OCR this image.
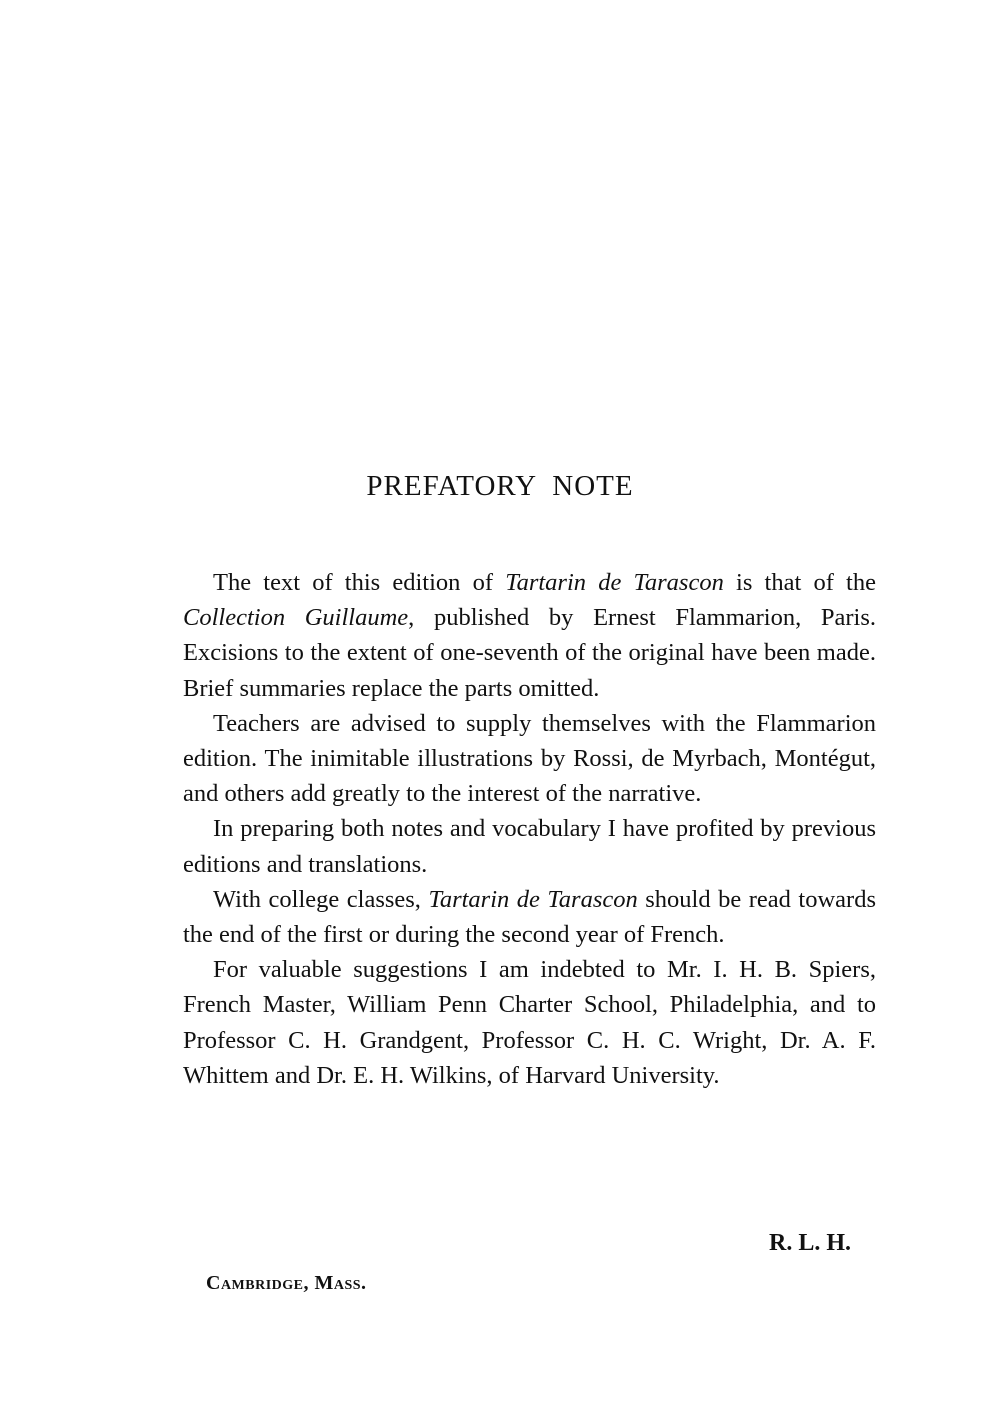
PREFATORY NOTE

The text of this edition of Tartarin de Tarascon is that of the Collection Guillaume, published by Ernest Flammarion, Paris. Excisions to the extent of one-seventh of the original have been made. Brief summaries replace the parts omitted.

Teachers are advised to supply themselves with the Flammarion edition. The inimitable illustrations by Rossi, de Myrbach, Montégut, and others add greatly to the interest of the narrative.

In preparing both notes and vocabulary I have profited by previous editions and translations.

With college classes, Tartarin de Tarascon should be read towards the end of the first or during the second year of French.

For valuable suggestions I am indebted to Mr. I. H. B. Spiers, French Master, William Penn Charter School, Philadelphia, and to Professor C. H. Grandgent, Professor C. H. C. Wright, Dr. A. F. Whittem and Dr. E. H. Wilkins, of Harvard University.

R. L. H.

Cambridge, Mass.
